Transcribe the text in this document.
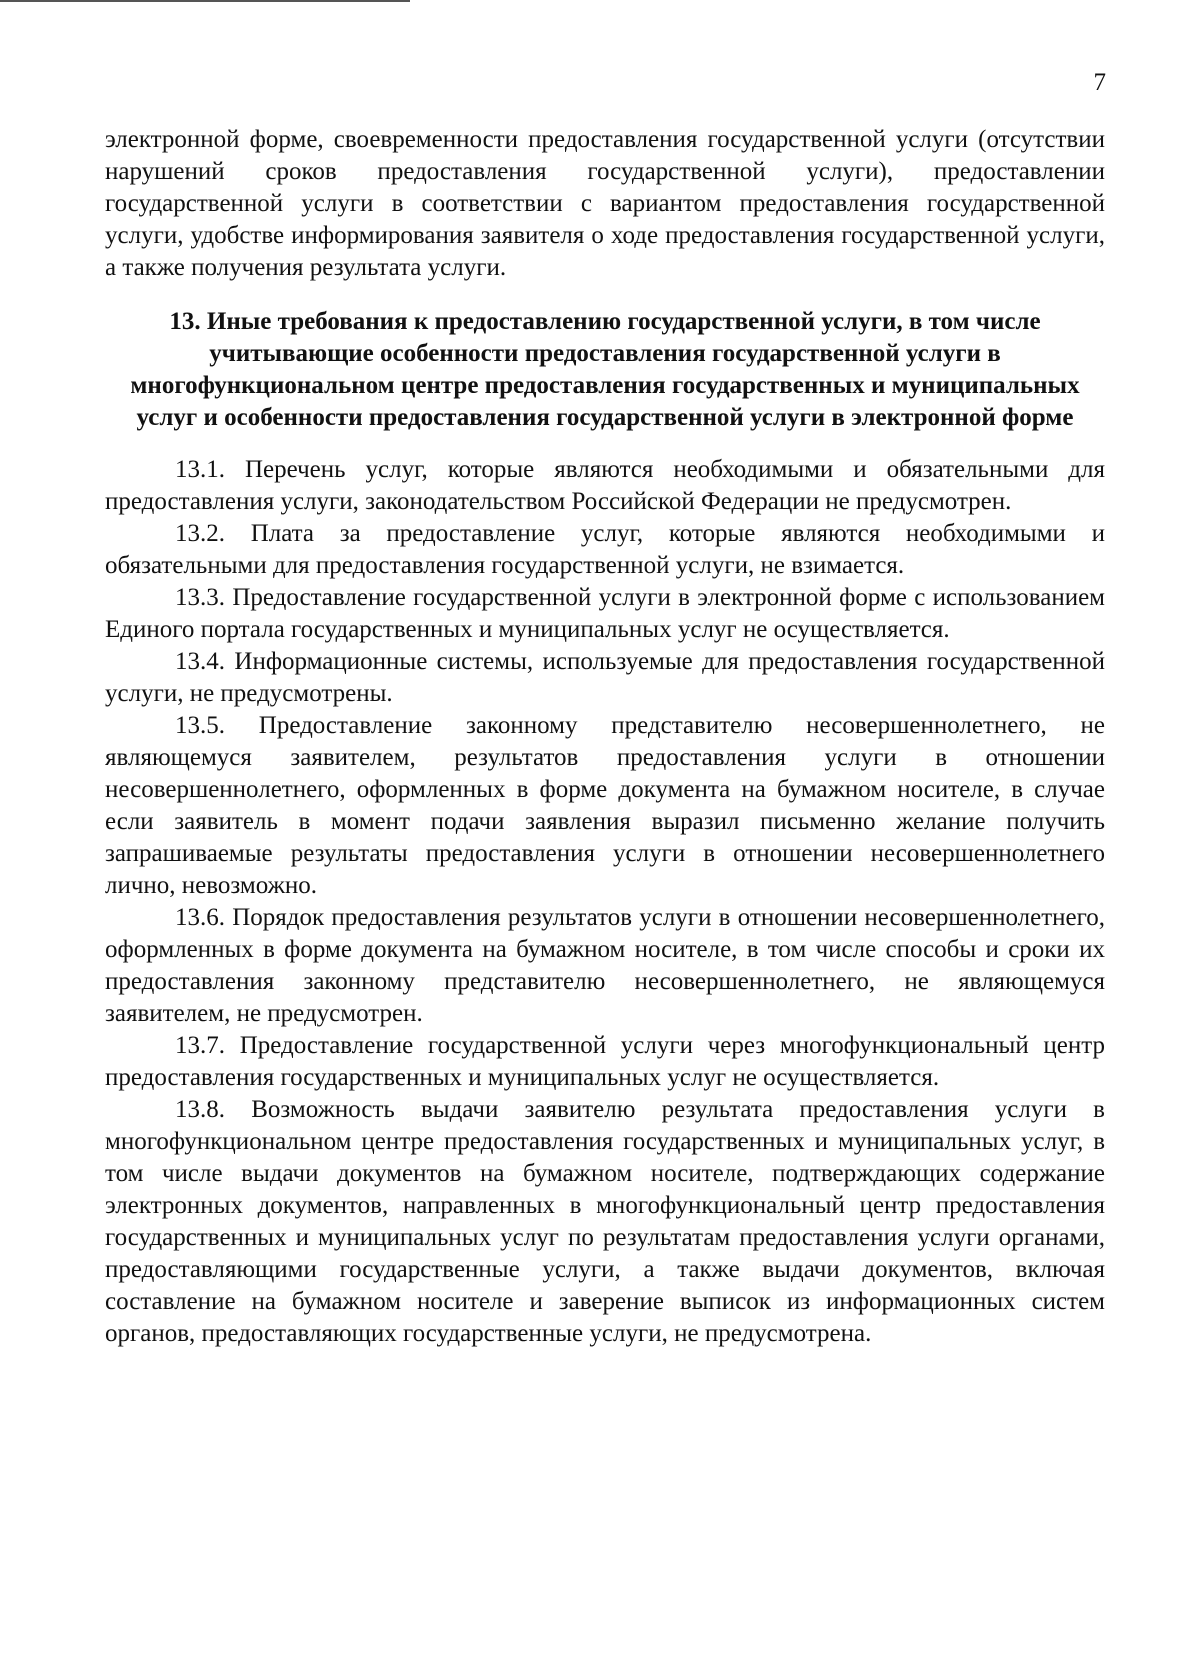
7

электронной форме, своевременности предоставления государственной услуги (отсутствии нарушений сроков предоставления государственной услуги), предоставлении государственной услуги в соответствии с вариантом предоставления государственной услуги, удобстве информирования заявителя о ходе предоставления государственной услуги, а также получения результата услуги.

13. Иные требования к предоставлению государственной услуги, в том числе учитывающие особенности предоставления государственной услуги в многофункциональном центре предоставления государственных и муниципальных услуг и особенности предоставления государственной услуги в электронной форме

13.1. Перечень услуг, которые являются необходимыми и обязательными для предоставления услуги, законодательством Российской Федерации не предусмотрен.

13.2. Плата за предоставление услуг, которые являются необходимыми и обязательными для предоставления государственной услуги, не взимается.

13.3. Предоставление государственной услуги в электронной форме с использованием Единого портала государственных и муниципальных услуг не осуществляется.

13.4. Информационные системы, используемые для предоставления государственной услуги, не предусмотрены.

13.5. Предоставление законному представителю несовершеннолетнего, не являющемуся заявителем, результатов предоставления услуги в отношении несовершеннолетнего, оформленных в форме документа на бумажном носителе, в случае если заявитель в момент подачи заявления выразил письменно желание получить запрашиваемые результаты предоставления услуги в отношении несовершеннолетнего лично, невозможно.

13.6. Порядок предоставления результатов услуги в отношении несовершеннолетнего, оформленных в форме документа на бумажном носителе, в том числе способы и сроки их предоставления законному представителю несовершеннолетнего, не являющемуся заявителем, не предусмотрен.

13.7. Предоставление государственной услуги через многофункциональный центр предоставления государственных и муниципальных услуг не осуществляется.

13.8. Возможность выдачи заявителю результата предоставления услуги в многофункциональном центре предоставления государственных и муниципальных услуг, в том числе выдачи документов на бумажном носителе, подтверждающих содержание электронных документов, направленных в многофункциональный центр предоставления государственных и муниципальных услуг по результатам предоставления услуги органами, предоставляющими государственные услуги, а также выдачи документов, включая составление на бумажном носителе и заверение выписок из информационных систем органов, предоставляющих государственные услуги, не предусмотрена.
